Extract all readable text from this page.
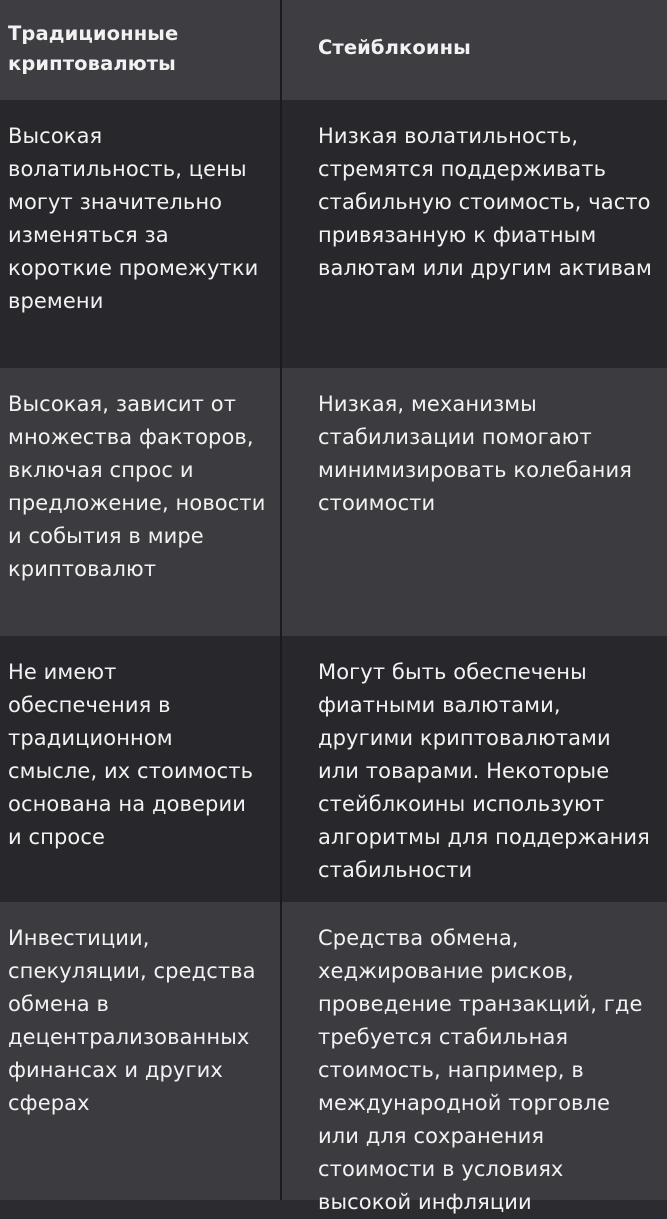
Традиционные криптовалюты
Стейблкоины
Высокая волатильность, цены могут значительно изменяться за короткие промежутки времени
Низкая волатильность, стремятся поддерживать стабильную стоимость, часто привязанную к фиатным валютам или другим активам
Высокая, зависит от множества факторов, включая спрос и предложение, новости и события в мире криптовалют
Низкая, механизмы стабилизации помогают минимизировать колебания стоимости
Не имеют обеспечения в традиционном смысле, их стоимость основана на доверии и спросе
Могут быть обеспечены фиатными валютами, другими криптовалютами или товарами. Некоторые стейблкоины используют алгоритмы для поддержания стабильности
Инвестиции, спекуляции, средства обмена в децентрализованных финансах и других сферах
Средства обмена, хеджирование рисков, проведение транзакций, где требуется стабильная стоимость, например, в международной торговле или для сохранения стоимости в условиях высокой инфляции
